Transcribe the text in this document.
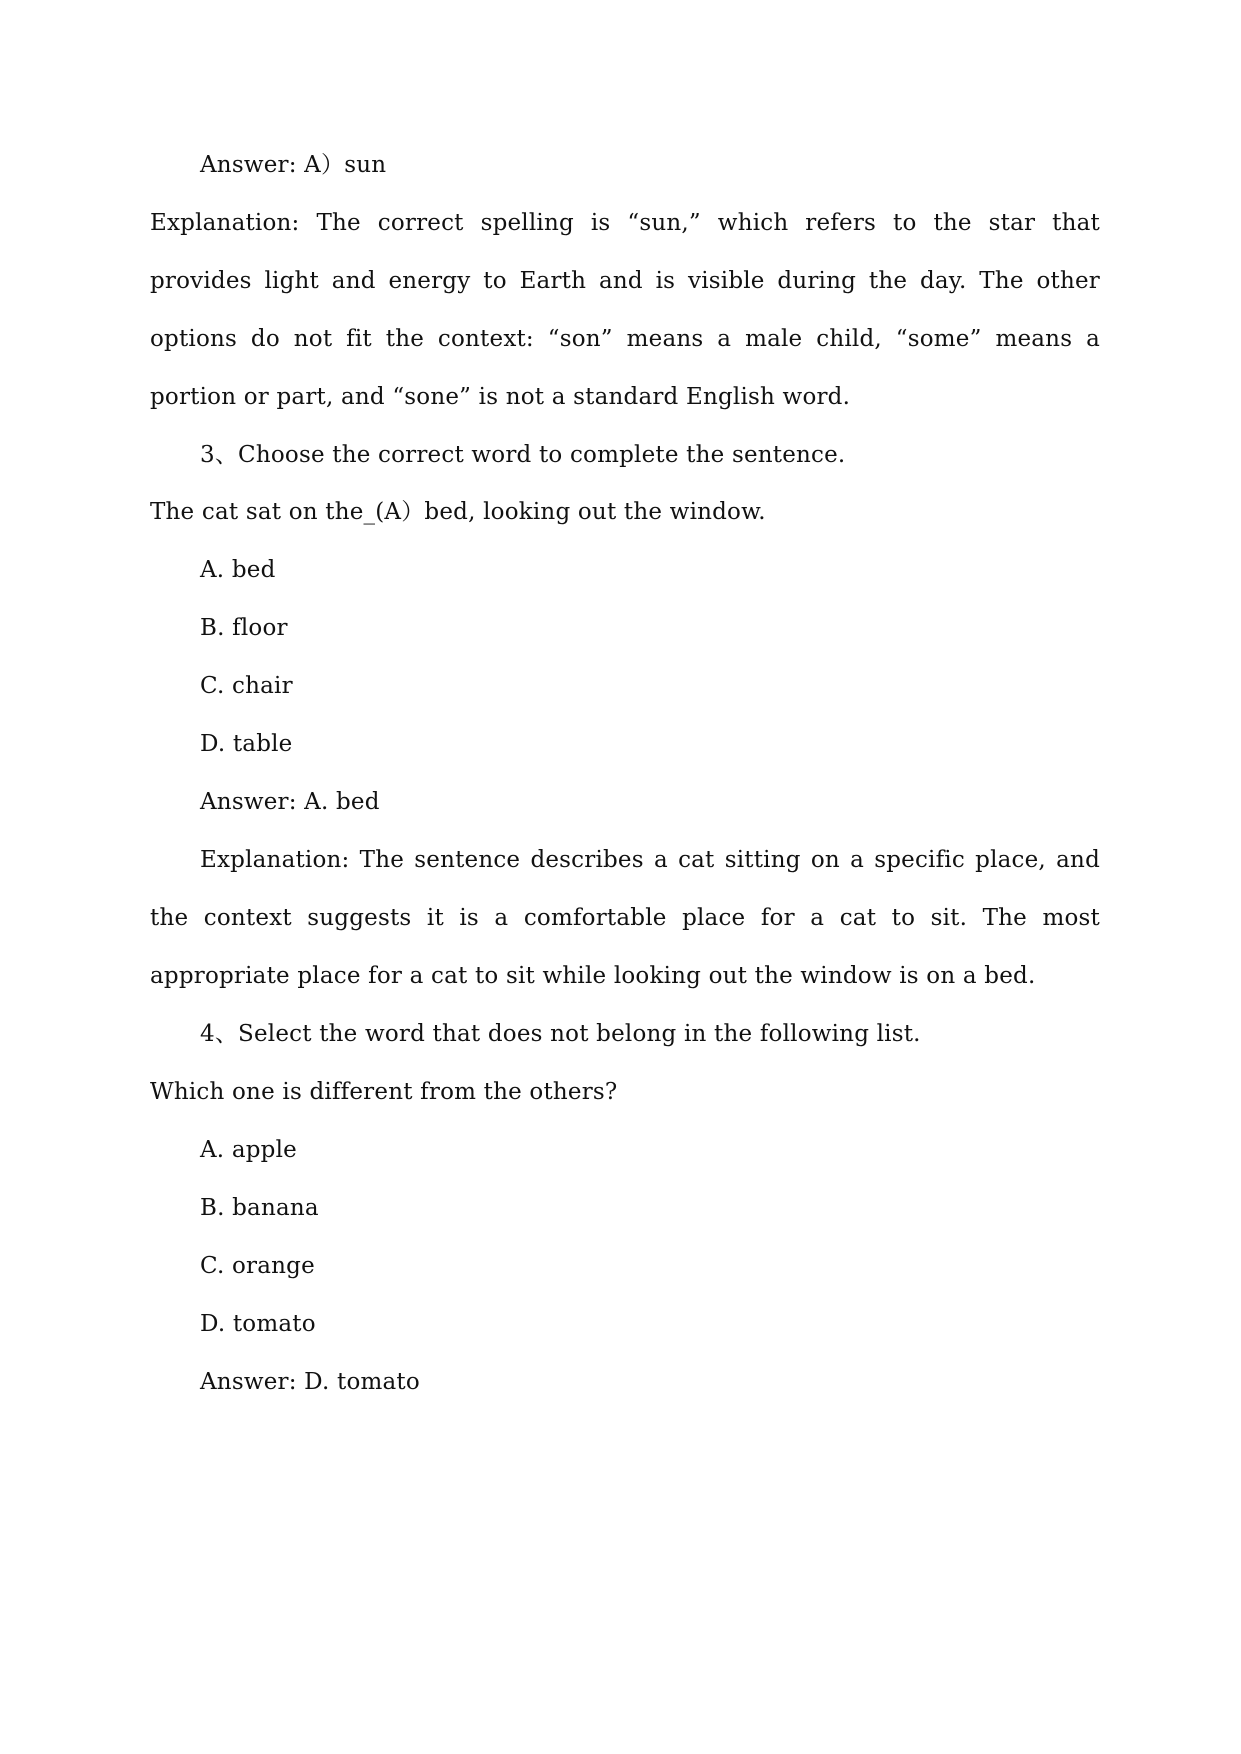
Answer: A）sun
Explanation: The correct spelling is “sun,” which refers to the star that
provides light and energy to Earth and is visible during the day. The other
options do not fit the context: “son” means a male child, “some” means a
portion or part, and “sone” is not a standard English word.
3、Choose the correct word to complete the sentence.
The cat sat on the_(A）bed, looking out the window.
A. bed
B. floor
C. chair
D. table
Answer: A. bed
Explanation: The sentence describes a cat sitting on a specific place, and
the context suggests it is a comfortable place for a cat to sit. The most
appropriate place for a cat to sit while looking out the window is on a bed.
4、Select the word that does not belong in the following list.
Which one is different from the others?
A. apple
B. banana
C. orange
D. tomato
Answer: D. tomato
